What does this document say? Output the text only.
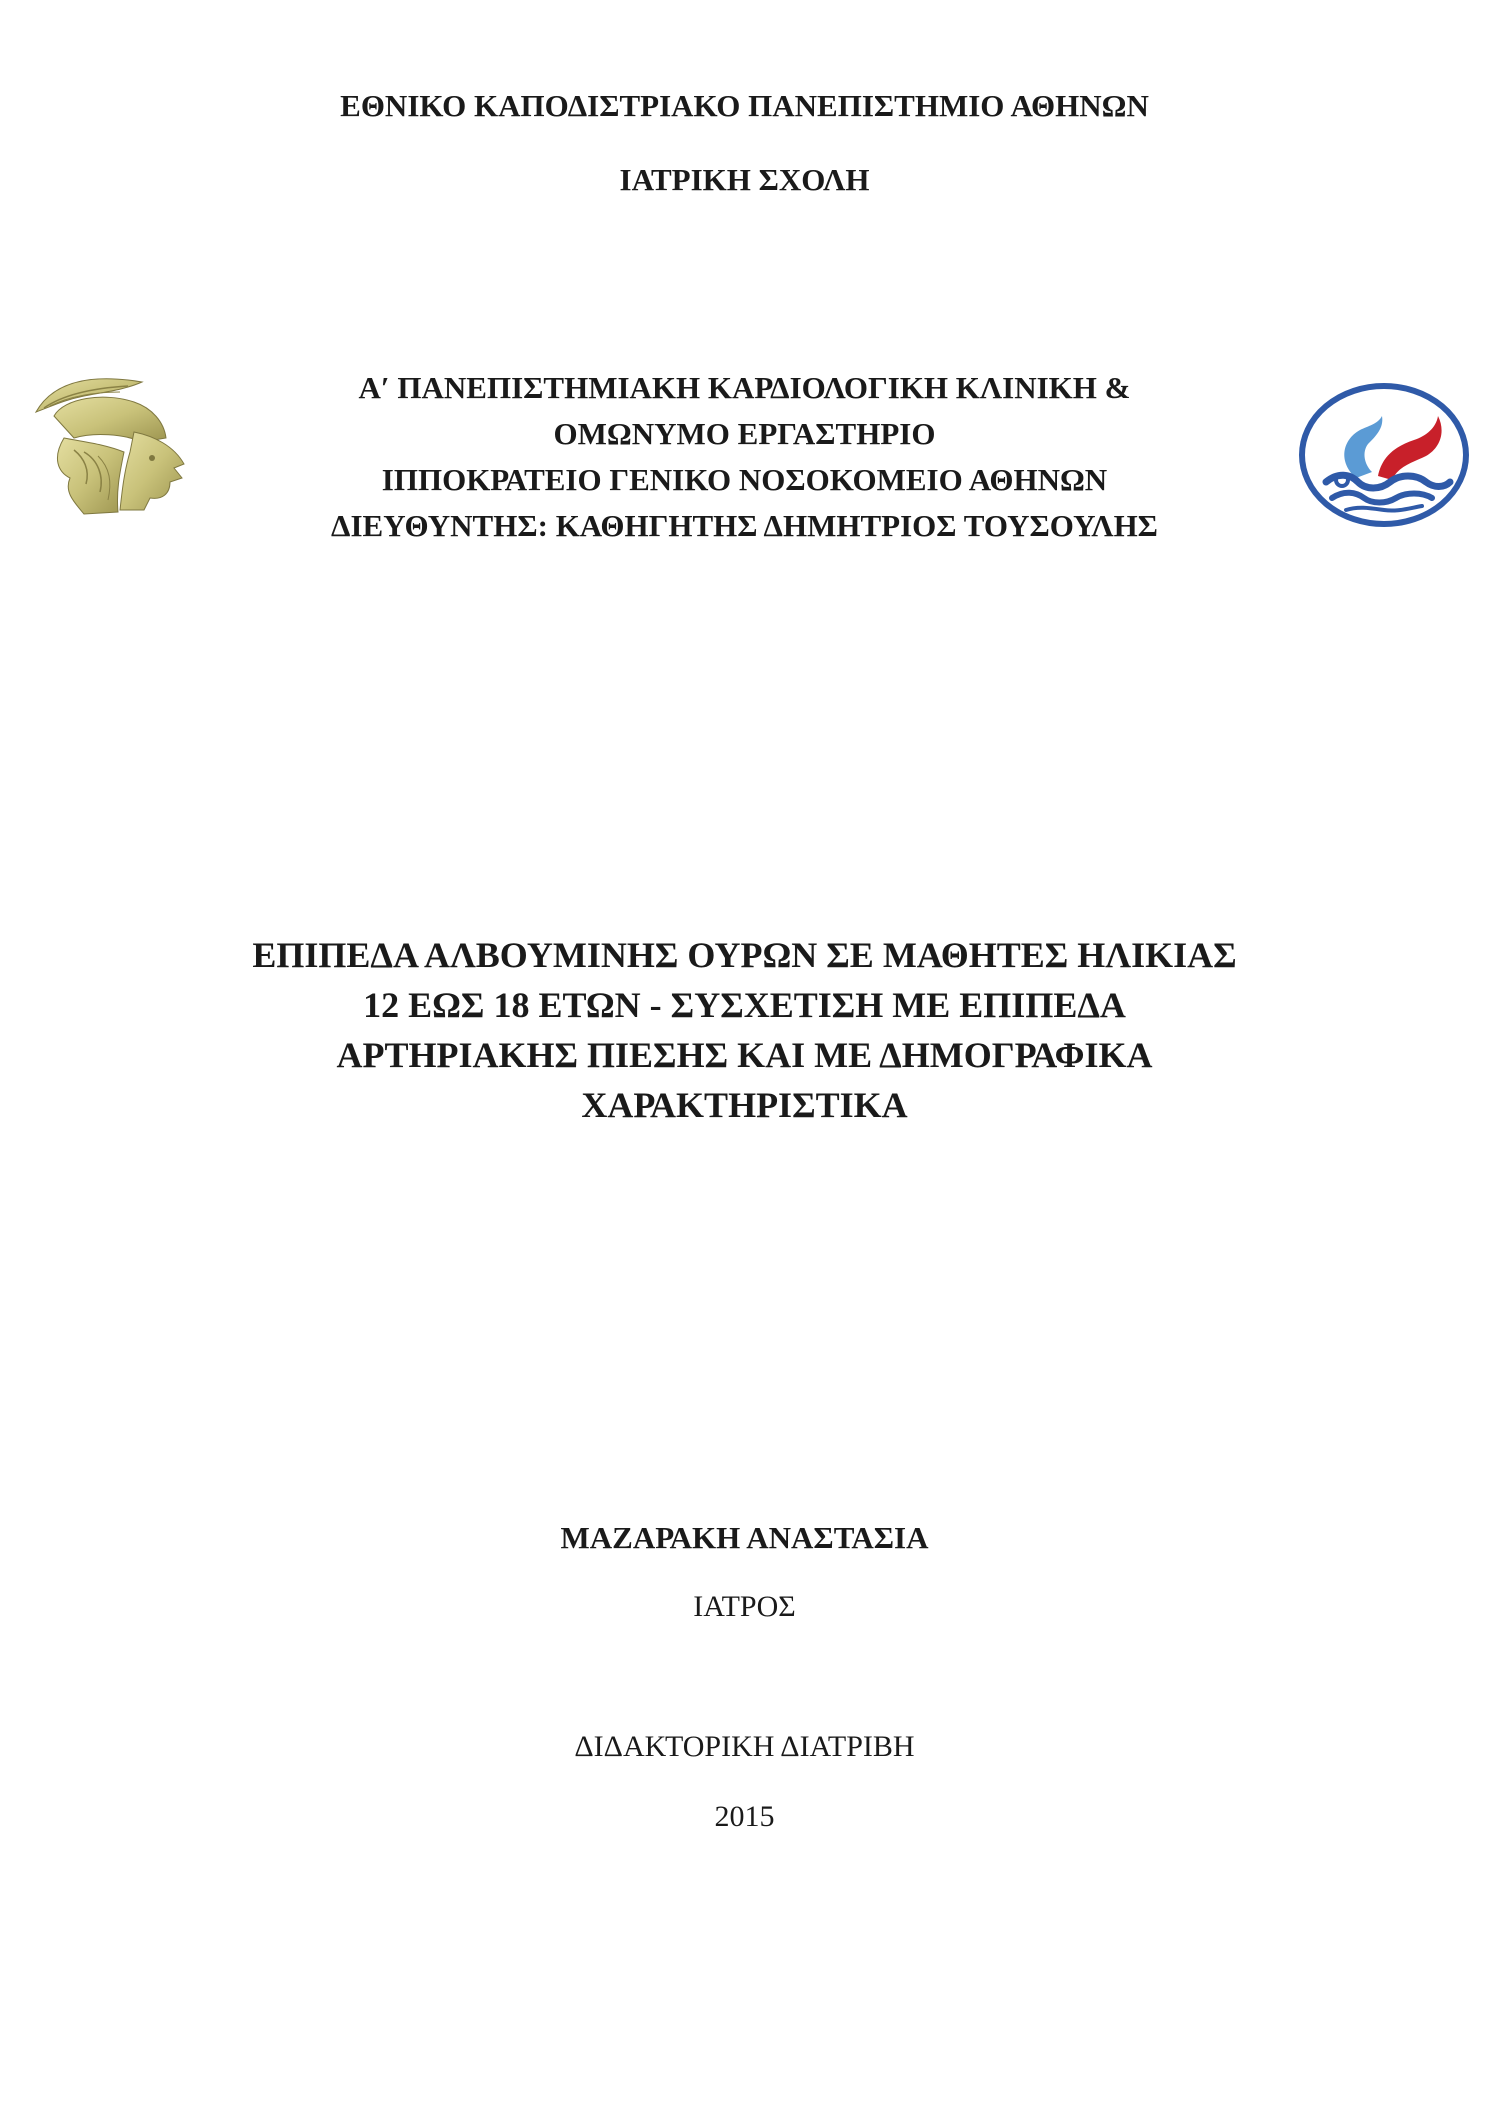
ΕΘΝΙΚΟ ΚΑΠΟΔΙΣΤΡΙΑΚΟ ΠΑΝΕΠΙΣΤΗΜΙΟ ΑΘΗΝΩΝ
ΙΑΤΡΙΚΗ ΣΧΟΛΗ
Α′ ΠΑΝΕΠΙΣΤΗΜΙΑΚΗ ΚΑΡΔΙΟΛΟΓΙΚΗ ΚΛΙΝΙΚΗ &
ΟΜΩΝΥΜΟ ΕΡΓΑΣΤΗΡΙΟ
ΙΠΠΟΚΡΑΤΕΙΟ ΓΕΝΙΚΟ ΝΟΣΟΚΟΜΕΙΟ ΑΘΗΝΩΝ
ΔΙΕΥΘΥΝΤΗΣ: ΚΑΘΗΓΗΤΗΣ ΔΗΜΗΤΡΙΟΣ ΤΟΥΣΟΥΛΗΣ
ΕΠΙΠΕΔΑ ΑΛΒΟΥΜΙΝΗΣ ΟΥΡΩΝ ΣΕ ΜΑΘΗΤΕΣ ΗΛΙΚΙΑΣ
12 ΕΩΣ 18 ΕΤΩΝ - ΣΥΣΧΕΤΙΣΗ ΜΕ ΕΠΙΠΕΔΑ
ΑΡΤΗΡΙΑΚΗΣ ΠΙΕΣΗΣ ΚΑΙ ΜΕ ΔΗΜΟΓΡΑΦΙΚΑ
ΧΑΡΑΚΤΗΡΙΣΤΙΚΑ
ΜΑΖΑΡΑΚΗ ΑΝΑΣΤΑΣΙΑ
ΙΑΤΡΟΣ
ΔΙΔΑΚΤΟΡΙΚΗ ΔΙΑΤΡΙΒΗ
2015
